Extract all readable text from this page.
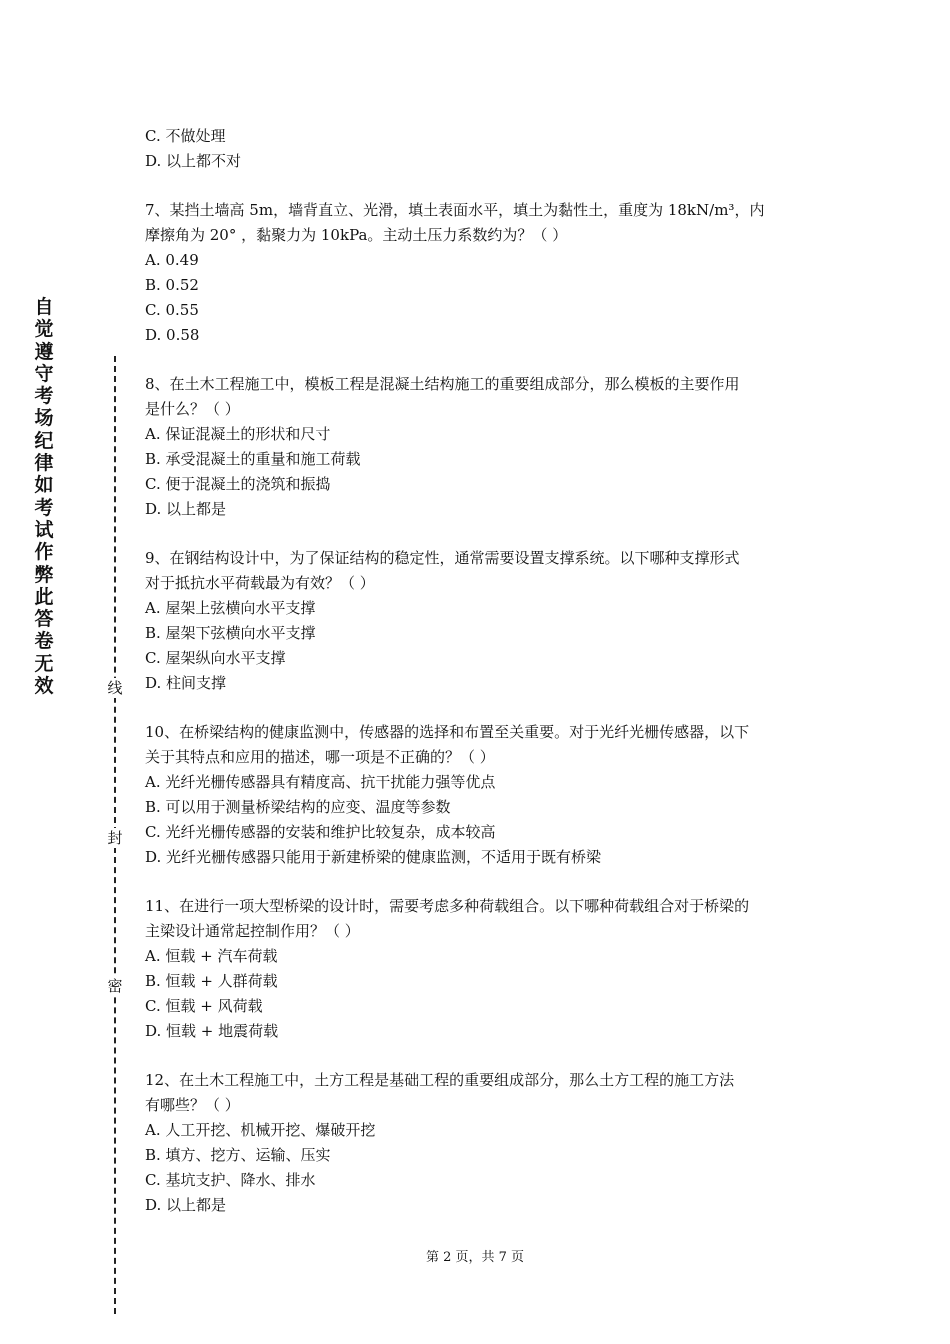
自
觉
遵
守
考
场
纪
律
如
考
试
作
弊
此
答
卷
无
效	线
封
密
C. 不做处理
D. 以上都不对
7、某挡土墙高 5m，墙背直立、光滑，填土表面水平，填土为黏性土，重度为 18kN/m³，内
摩擦角为 20° ，黏聚力为 10kPa。主动土压力系数约为？（ ）
A. 0.49
B. 0.52
C. 0.55
D. 0.58
8、在土木工程施工中，模板工程是混凝土结构施工的重要组成部分，那么模板的主要作用
是什么？（ ）
A. 保证混凝土的形状和尺寸
B. 承受混凝土的重量和施工荷载
C. 便于混凝土的浇筑和振捣
D. 以上都是
9、在钢结构设计中，为了保证结构的稳定性，通常需要设置支撑系统。以下哪种支撑形式
对于抵抗水平荷载最为有效？（ ）
A. 屋架上弦横向水平支撑
B. 屋架下弦横向水平支撑
C. 屋架纵向水平支撑
D. 柱间支撑
10、在桥梁结构的健康监测中，传感器的选择和布置至关重要。对于光纤光栅传感器，以下
关于其特点和应用的描述，哪一项是不正确的？（ ）
A. 光纤光栅传感器具有精度高、抗干扰能力强等优点
B. 可以用于测量桥梁结构的应变、温度等参数
C. 光纤光栅传感器的安装和维护比较复杂，成本较高
D. 光纤光栅传感器只能用于新建桥梁的健康监测，不适用于既有桥梁
11、在进行一项大型桥梁的设计时，需要考虑多种荷载组合。以下哪种荷载组合对于桥梁的
主梁设计通常起控制作用？（ ）
A. 恒载 + 汽车荷载
B. 恒载 + 人群荷载
C. 恒载 + 风荷载
D. 恒载 + 地震荷载
12、在土木工程施工中，土方工程是基础工程的重要组成部分，那么土方工程的施工方法
有哪些？（ ）
A. 人工开挖、机械开挖、爆破开挖
B. 填方、挖方、运输、压实
C. 基坑支护、降水、排水
D. 以上都是
第 2 页，共 7 页
